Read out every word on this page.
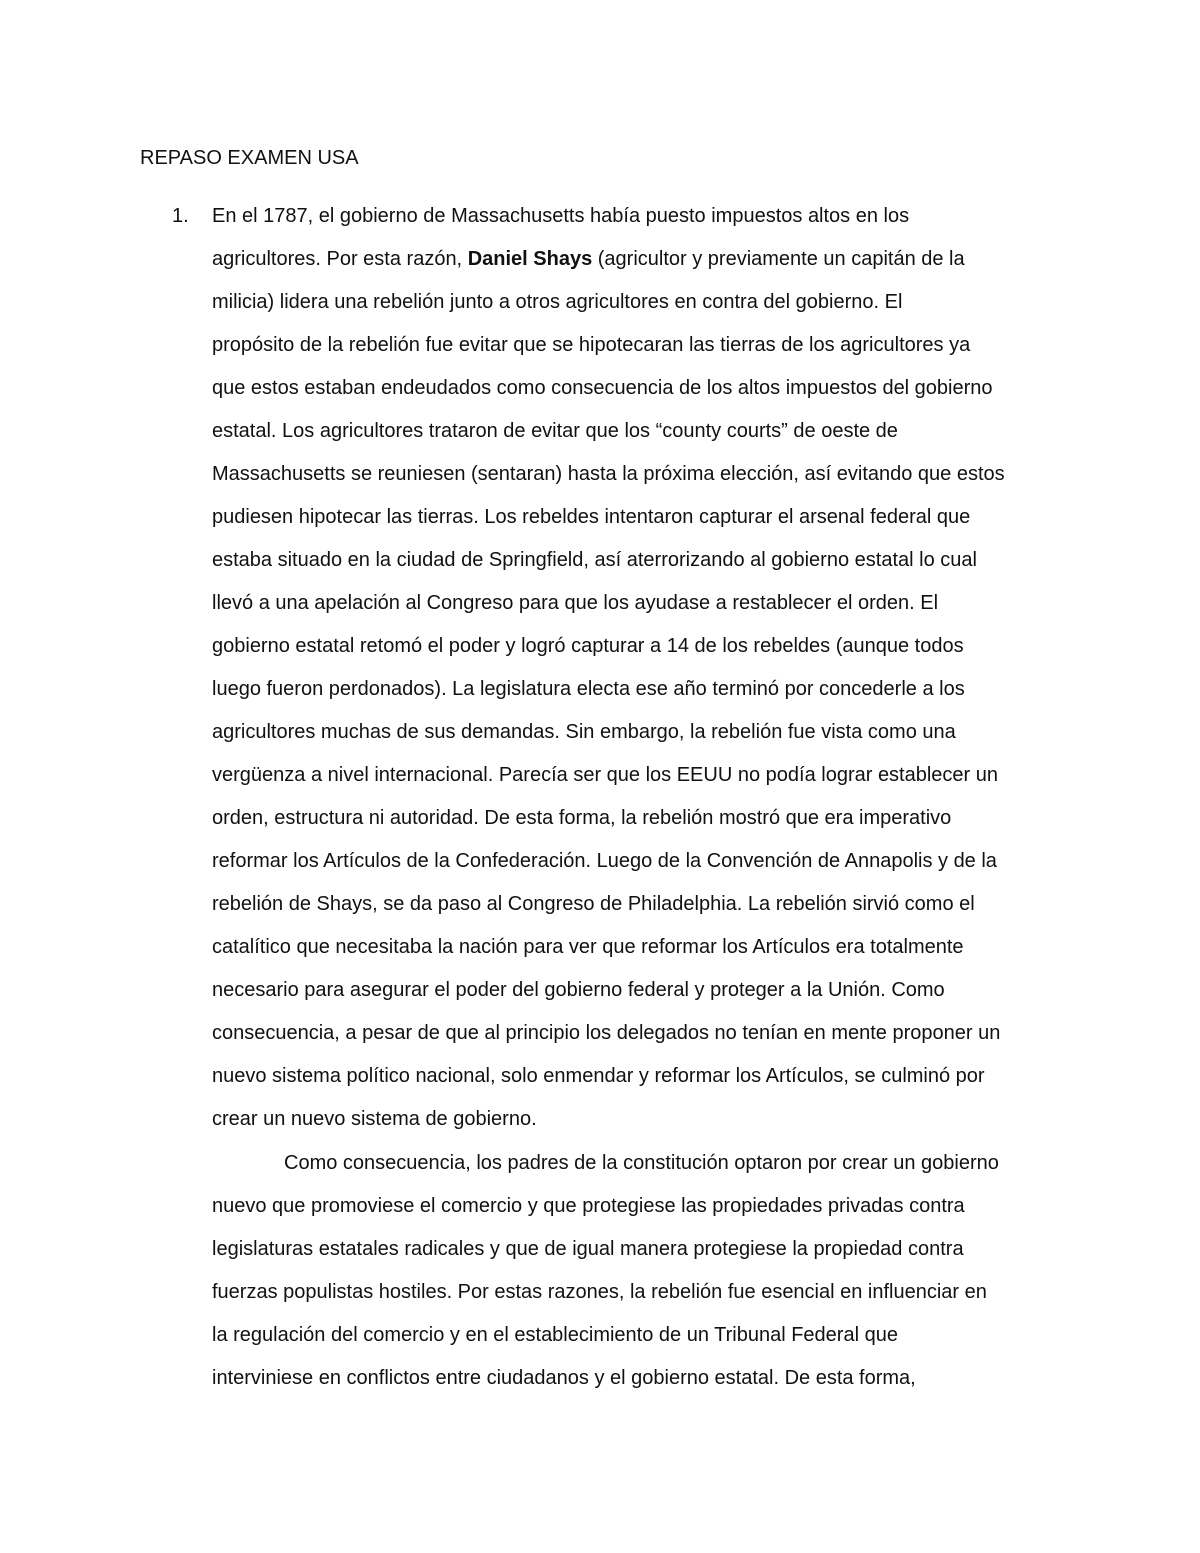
REPASO EXAMEN USA
1. En el 1787, el gobierno de Massachusetts había puesto impuestos altos en los
agricultores. Por esta razón, Daniel Shays (agricultor y previamente un capitán de la
milicia) lidera una rebelión junto a otros agricultores en contra del gobierno. El
propósito de la rebelión fue evitar que se hipotecaran las tierras de los agricultores ya
que estos estaban endeudados como consecuencia de los altos impuestos del gobierno
estatal. Los agricultores trataron de evitar que los “county courts” de oeste de
Massachusetts se reuniesen (sentaran) hasta la próxima elección, así evitando que estos
pudiesen hipotecar las tierras. Los rebeldes intentaron capturar el arsenal federal que
estaba situado en la ciudad de Springfield, así aterrorizando al gobierno estatal lo cual
llevó a una apelación al Congreso para que los ayudase a restablecer el orden. El
gobierno estatal retomó el poder y logró capturar a 14 de los rebeldes (aunque todos
luego fueron perdonados). La legislatura electa ese año terminó por concederle a los
agricultores muchas de sus demandas. Sin embargo, la rebelión fue vista como una
vergüenza a nivel internacional. Parecía ser que los EEUU no podía lograr establecer un
orden, estructura ni autoridad. De esta forma, la rebelión mostró que era imperativo
reformar los Artículos de la Confederación. Luego de la Convención de Annapolis y de la
rebelión de Shays, se da paso al Congreso de Philadelphia. La rebelión sirvió como el
catalítico que necesitaba la nación para ver que reformar los Artículos era totalmente
necesario para asegurar el poder del gobierno federal y proteger a la Unión. Como
consecuencia, a pesar de que al principio los delegados no tenían en mente proponer un
nuevo sistema político nacional, solo enmendar y reformar los Artículos, se culminó por
crear un nuevo sistema de gobierno.
Como consecuencia, los padres de la constitución optaron por crear un gobierno
nuevo que promoviese el comercio y que protegiese las propiedades privadas contra
legislaturas estatales radicales y que de igual manera protegiese la propiedad contra
fuerzas populistas hostiles. Por estas razones, la rebelión fue esencial en influenciar en
la regulación del comercio y en el establecimiento de un Tribunal Federal que
interviniese en conflictos entre ciudadanos y el gobierno estatal. De esta forma,
